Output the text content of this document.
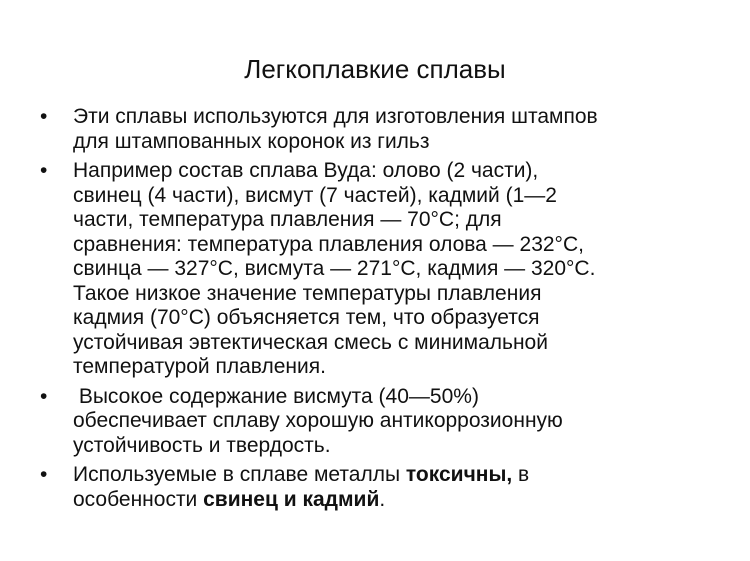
Легкоплавкие сплавы
• Эти сплавы используются для изготовления штампов
для штампованных коронок из гильз
• Например состав сплава Вуда: олово (2 части),
свинец (4 части), висмут (7 частей), кадмий (1—2
части, температура плавления — 70°С; для
сравнения: температура плавления олова — 232°С,
свинца — 327°С, висмута — 271°С, кадмия — 320°С.
Такое низкое значение температуры плавления
кадмия (70°С) объясняется тем, что образуется
устойчивая эвтектическая смесь с минимальной
температурой плавления.
• Высокое содержание висмута (40—50%)
обеспечивает сплаву хорошую антикоррозионную
устойчивость и твердость.
• Используемые в сплаве металлы токсичны, в
особенности свинец и кадмий.
